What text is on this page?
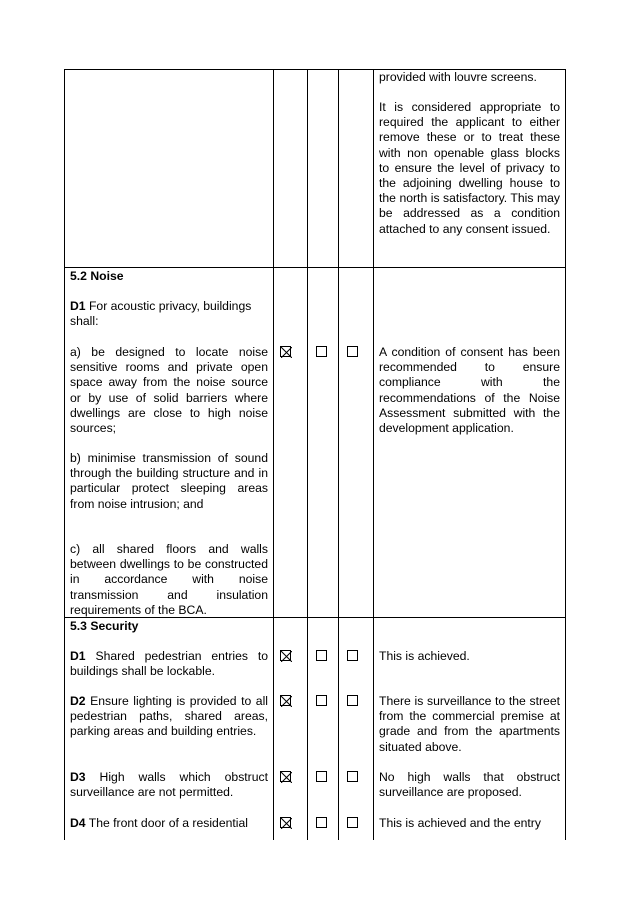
provided with louvre screens.

It is considered appropriate to required the applicant to either remove these or to treat these with non openable glass blocks to ensure the level of privacy to the adjoining dwelling house to the north is satisfactory. This may be addressed as a condition attached to any consent issued.

5.2 Noise

D1 For acoustic privacy, buildings shall:

a) be designed to locate noise sensitive rooms and private open space away from the noise source or by use of solid barriers where dwellings are close to high noise sources;

b) minimise transmission of sound through the building structure and in particular protect sleeping areas from noise intrusion; and

c) all shared floors and walls between dwellings to be constructed in accordance with noise transmission and insulation requirements of the BCA.

A condition of consent has been recommended to ensure compliance with the recommendations of the Noise Assessment submitted with the development application.

5.3 Security

D1 Shared pedestrian entries to buildings shall be lockable.

This is achieved.

D2 Ensure lighting is provided to all pedestrian paths, shared areas, parking areas and building entries.

There is surveillance to the street from the commercial premise at grade and from the apartments situated above.

D3 High walls which obstruct surveillance are not permitted.

No high walls that obstruct surveillance are proposed.

D4 The front door of a residential	This is achieved and the entry
